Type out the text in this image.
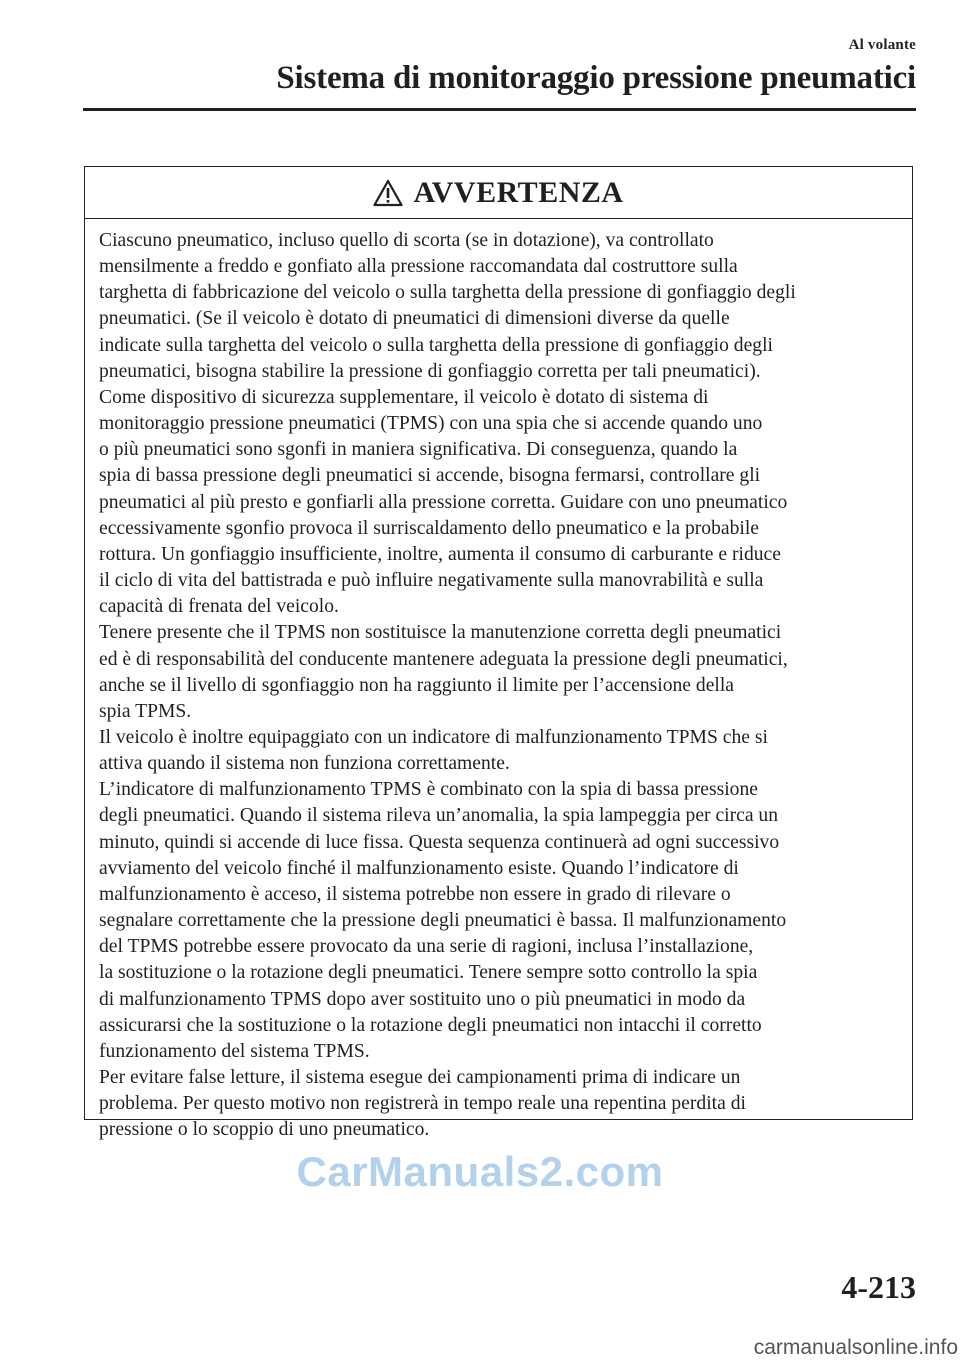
Al volante
Sistema di monitoraggio pressione pneumatici
AVVERTENZA
Ciascuno pneumatico, incluso quello di scorta (se in dotazione), va controllato
mensilmente a freddo e gonfiato alla pressione raccomandata dal costruttore sulla
targhetta di fabbricazione del veicolo o sulla targhetta della pressione di gonfiaggio degli
pneumatici. (Se il veicolo è dotato di pneumatici di dimensioni diverse da quelle
indicate sulla targhetta del veicolo o sulla targhetta della pressione di gonfiaggio degli
pneumatici, bisogna stabilire la pressione di gonfiaggio corretta per tali pneumatici).
Come dispositivo di sicurezza supplementare, il veicolo è dotato di sistema di
monitoraggio pressione pneumatici (TPMS) con una spia che si accende quando uno
o più pneumatici sono sgonfi in maniera significativa. Di conseguenza, quando la
spia di bassa pressione degli pneumatici si accende, bisogna fermarsi, controllare gli
pneumatici al più presto e gonfiarli alla pressione corretta. Guidare con uno pneumatico
eccessivamente sgonfio provoca il surriscaldamento dello pneumatico e la probabile
rottura. Un gonfiaggio insufficiente, inoltre, aumenta il consumo di carburante e riduce
il ciclo di vita del battistrada e può influire negativamente sulla manovrabilità e sulla
capacità di frenata del veicolo.
Tenere presente che il TPMS non sostituisce la manutenzione corretta degli pneumatici
ed è di responsabilità del conducente mantenere adeguata la pressione degli pneumatici,
anche se il livello di sgonfiaggio non ha raggiunto il limite per l’accensione della
spia TPMS.
Il veicolo è inoltre equipaggiato con un indicatore di malfunzionamento TPMS che si
attiva quando il sistema non funziona correttamente.
L’indicatore di malfunzionamento TPMS è combinato con la spia di bassa pressione
degli pneumatici. Quando il sistema rileva un’anomalia, la spia lampeggia per circa un
minuto, quindi si accende di luce fissa. Questa sequenza continuerà ad ogni successivo
avviamento del veicolo finché il malfunzionamento esiste. Quando l’indicatore di
malfunzionamento è acceso, il sistema potrebbe non essere in grado di rilevare o
segnalare correttamente che la pressione degli pneumatici è bassa. Il malfunzionamento
del TPMS potrebbe essere provocato da una serie di ragioni, inclusa l’installazione,
la sostituzione o la rotazione degli pneumatici. Tenere sempre sotto controllo la spia
di malfunzionamento TPMS dopo aver sostituito uno o più pneumatici in modo da
assicurarsi che la sostituzione o la rotazione degli pneumatici non intacchi il corretto
funzionamento del sistema TPMS.
Per evitare false letture, il sistema esegue dei campionamenti prima di indicare un
problema. Per questo motivo non registrerà in tempo reale una repentina perdita di
pressione o lo scoppio di uno pneumatico.
CarManuals2.com
4-213
carmanualsonline.info
